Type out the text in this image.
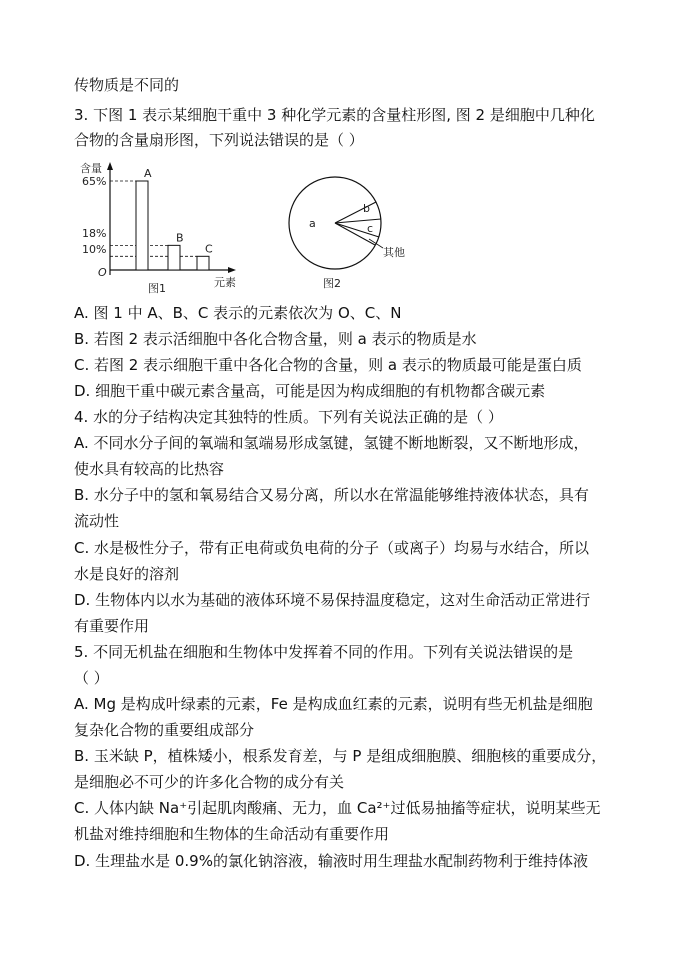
传物质是不同的
3. 下图 1 表示某细胞干重中 3 种化学元素的含量柱形图, 图 2 是细胞中几种化
合物的含量扇形图，下列说法错误的是（ ）
含量
元素
O
图1
65%
18%
10%
A
B
C
a
b
c
其他
图2
A. 图 1 中 A、B、C 表示的元素依次为 O、C、N
B. 若图 2 表示活细胞中各化合物含量，则 a 表示的物质是水
C. 若图 2 表示细胞干重中各化合物的含量，则 a 表示的物质最可能是蛋白质
D. 细胞干重中碳元素含量高，可能是因为构成细胞的有机物都含碳元素
4. 水的分子结构决定其独特的性质。下列有关说法正确的是（ ）
A. 不同水分子间的氧端和氢端易形成氢键，氢键不断地断裂，又不断地形成，
使水具有较高的比热容
B. 水分子中的氢和氧易结合又易分离，所以水在常温能够维持液体状态，具有
流动性
C. 水是极性分子，带有正电荷或负电荷的分子（或离子）均易与水结合，所以
水是良好的溶剂
D. 生物体内以水为基础的液体环境不易保持温度稳定，这对生命活动正常进行
有重要作用
5. 不同无机盐在细胞和生物体中发挥着不同的作用。下列有关说法错误的是
（ ）
A. Mg 是构成叶绿素的元素，Fe 是构成血红素的元素，说明有些无机盐是细胞
复杂化合物的重要组成部分
B. 玉米缺 P，植株矮小，根系发育差，与 P 是组成细胞膜、细胞核的重要成分，
是细胞必不可少的许多化合物的成分有关
C. 人体内缺 Na⁺引起肌肉酸痛、无力，血 Ca²⁺过低易抽搐等症状，说明某些无
机盐对维持细胞和生物体的生命活动有重要作用
D. 生理盐水是 0.9%的氯化钠溶液，输液时用生理盐水配制药物利于维持体液
